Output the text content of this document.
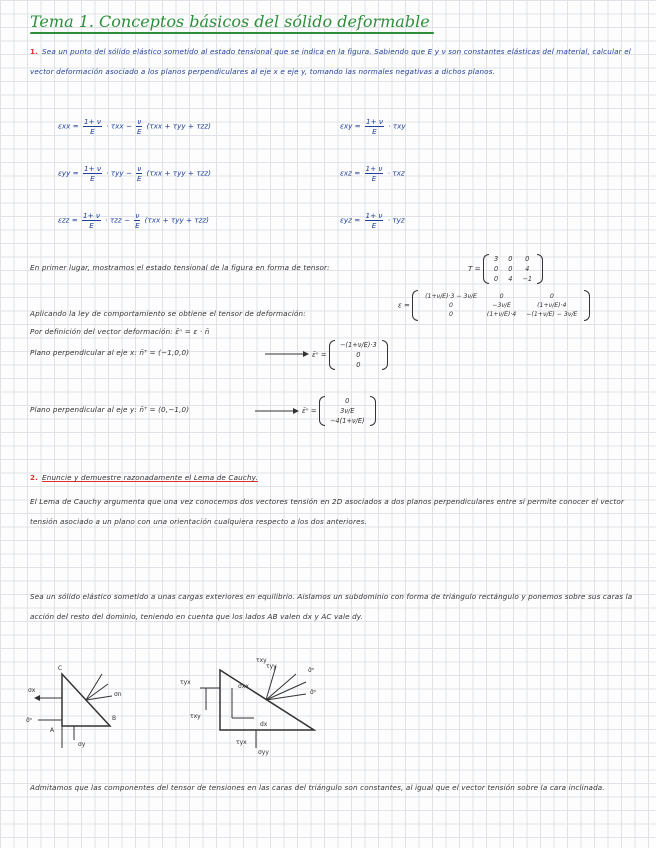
Tema 1. Conceptos básicos del sólido deformable
1. Sea un punto del sólido elástico sometido al estado tensional que se indica en la figura. Sabiendo que E y ν son constantes elásticas del material, calcular el vector deformación asociado a los planos perpendiculares al eje x e eje y, tomando las normales negativas a dichos planos.
$\varepsilon xx = \frac{1+ \nu}{E} \cdot \tau xx - \frac{\nu}{E} (\tau xx + \tau yy + \tau zz)$	$\varepsilon xy = \frac{1+ \nu}{E} \cdot \tau xy$
$\varepsilon yy = \frac{1+ \nu}{E} \cdot \tau yy - \frac{\nu}{E} (\tau xx + \tau yy + \tau zz)$	$\varepsilon xz = \frac{1+ \nu}{E} \cdot \tau xz$
$\varepsilon zz = \frac{1+ \nu}{E} \cdot \tau zz - \frac{\nu}{E} (\tau xx + \tau yy + \tau zz)$	$\varepsilon yz = \frac{1+ \nu}{E} \cdot \tau yz$
En primer lugar, mostramos el estado tensional de la figura en forma de tensor:	T =
3	0	0
0	0	4
0	4	−1
Aplicando la ley de comportamiento se obtiene el tensor de deformación:
ε =
(1+ν/E)·3 − 3ν/E	0	0
0	−3ν/E	(1+ν/E)·4
0	(1+ν/E)·4	−(1+ν/E) − 3ν/E
Por definición del vector deformación: ε̄ⁿ = ε · n̄
Plano perpendicular al eje x: n̄ᵀ = (−1,0,0)	ε̄ⁿ =
−(1+ν/E)·3
0
0
Plano perpendicular al eje y: n̄ᵀ = (0,−1,0)	ε̄ⁿ =
0
3ν/E
−4(1+ν/E)
2. Enuncie y demuestre razonadamente el Lema de Cauchy.
El Lema de Cauchy argumenta que una vez conocemos dos vectores tensión en 2D asociados a dos planos perpendiculares entre sí permite conocer el vector tensión asociado a un plano con una orientación cualquiera respecto a los dos anteriores.
Sea un sólido elástico sometido a unas cargas exteriores en equilibrio. Aislamos un subdominio con forma de triángulo rectángulo y ponemos sobre sus caras la acción del resto del dominio, teniendo en cuenta que los lados AB valen dx y AC vale dy.
C
A
B
σx
σy
σn
σ̄ⁿ
τyx
τxy
τxy
τyx
σxx
σyy
dx
σ̄ⁿ
σ̄ⁿ
τyy
Admitamos que las componentes del tensor de tensiones en las caras del triángulo son constantes, al igual que el vector tensión sobre la cara inclinada.
